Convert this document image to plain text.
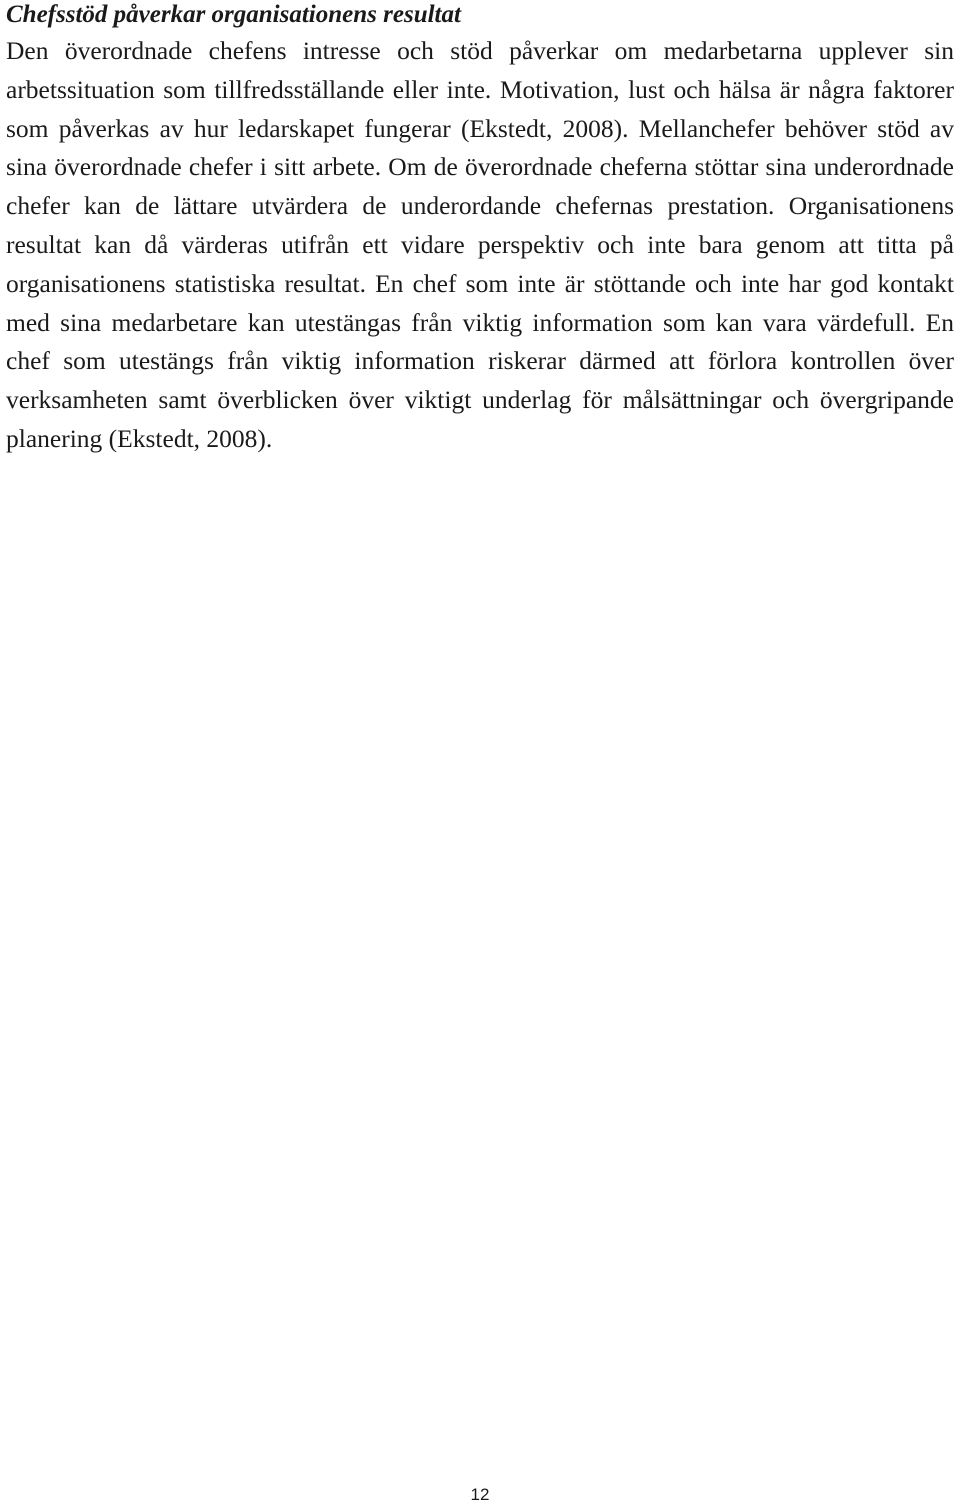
Chefsstöd påverkar organisationens resultat

Den överordnade chefens intresse och stöd påverkar om medarbetarna upplever sin arbetssituation som tillfredsställande eller inte. Motivation, lust och hälsa är några faktorer som påverkas av hur ledarskapet fungerar (Ekstedt, 2008). Mellanchefer behöver stöd av sina överordnade chefer i sitt arbete. Om de överordnade cheferna stöttar sina underordnade chefer kan de lättare utvärdera de underordande chefernas prestation. Organisationens resultat kan då värderas utifrån ett vidare perspektiv och inte bara genom att titta på organisationens statistiska resultat. En chef som inte är stöttande och inte har god kontakt med sina medarbetare kan utestängas från viktig information som kan vara värdefull. En chef som utestängs från viktig information riskerar därmed att förlora kontrollen över verksamheten samt överblicken över viktigt underlag för målsättningar och övergripande planering (Ekstedt, 2008).

12
